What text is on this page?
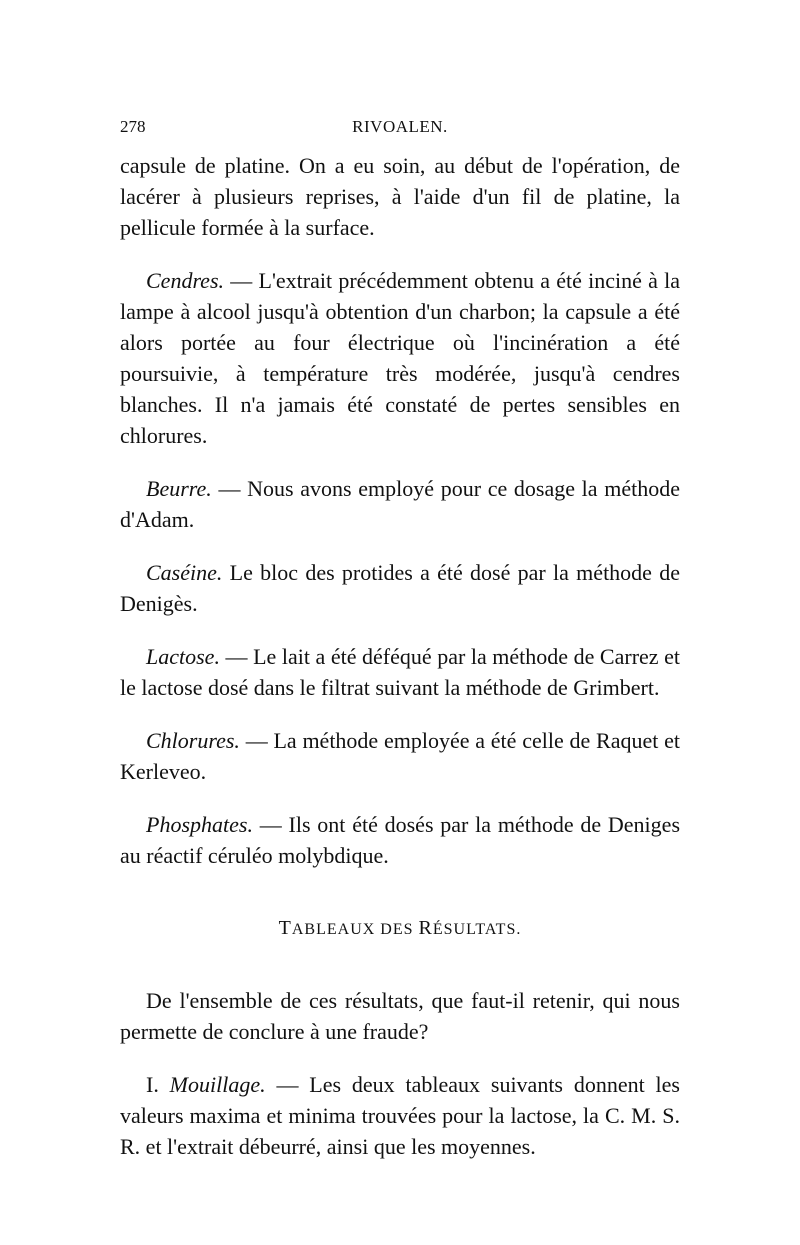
278	RIVOALEN.

capsule de platine. On a eu soin, au début de l'opération, de lacérer à plusieurs reprises, à l'aide d'un fil de platine, la pellicule formée à la surface.

Cendres. — L'extrait précédemment obtenu a été inciné à la lampe à alcool jusqu'à obtention d'un charbon; la capsule a été alors portée au four électrique où l'incinération a été poursuivie, à température très modérée, jusqu'à cendres blanches. Il n'a jamais été constaté de pertes sensibles en chlorures.

Beurre. — Nous avons employé pour ce dosage la méthode d'Adam.

Caséine. Le bloc des protides a été dosé par la méthode de Denigès.

Lactose. — Le lait a été déféqué par la méthode de Carrez et le lactose dosé dans le filtrat suivant la méthode de Grimbert.

Chlorures. — La méthode employée a été celle de Raquet et Kerleveo.

Phosphates. — Ils ont été dosés par la méthode de Deniges au réactif céruléo molybdique.

TABLEAUX DES RÉSULTATS.

De l'ensemble de ces résultats, que faut-il retenir, qui nous permette de conclure à une fraude?

I. Mouillage. — Les deux tableaux suivants donnent les valeurs maxima et minima trouvées pour la lactose, la C. M. S. R. et l'extrait débeurré, ainsi que les moyennes.
